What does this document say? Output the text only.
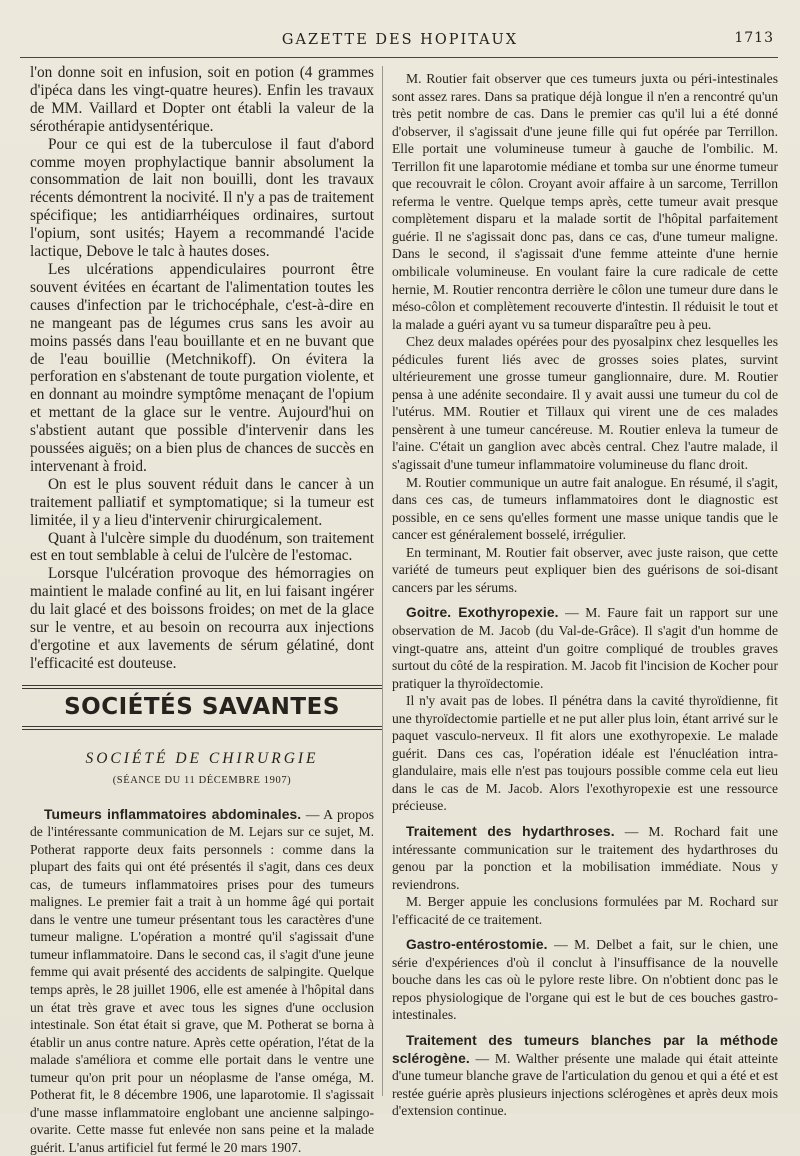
GAZETTE DES HOPITAUX	1713

l'on donne soit en infusion, soit en potion (4 grammes d'ipéca dans les vingt-quatre heures). Enfin les travaux de MM. Vaillard et Dopter ont établi la valeur de la sérothérapie antidysentérique.

Pour ce qui est de la tuberculose il faut d'abord comme moyen prophylactique bannir absolument la consommation de lait non bouilli, dont les travaux récents démontrent la nocivité. Il n'y a pas de traitement spécifique; les antidiarrhéiques ordinaires, surtout l'opium, sont usités; Hayem a recommandé l'acide lactique, Debove le talc à hautes doses.

Les ulcérations appendiculaires pourront être souvent évitées en écartant de l'alimentation toutes les causes d'infection par le trichocéphale, c'est-à-dire en ne mangeant pas de légumes crus sans les avoir au moins passés dans l'eau bouillante et en ne buvant que de l'eau bouillie (Metchnikoff). On évitera la perforation en s'abstenant de toute purgation violente, et en donnant au moindre symptôme menaçant de l'opium et mettant de la glace sur le ventre. Aujourd'hui on s'abstient autant que possible d'intervenir dans les poussées aiguës; on a bien plus de chances de succès en intervenant à froid.

On est le plus souvent réduit dans le cancer à un traitement palliatif et symptomatique; si la tumeur est limitée, il y a lieu d'intervenir chirurgicalement.

Quant à l'ulcère simple du duodénum, son traitement est en tout semblable à celui de l'ulcère de l'estomac.

Lorsque l'ulcération provoque des hémorragies on maintient le malade confiné au lit, en lui faisant ingérer du lait glacé et des boissons froides; on met de la glace sur le ventre, et au besoin on recourra aux injections d'ergotine et aux lavements de sérum gélatiné, dont l'efficacité est douteuse.

SOCIÉTÉS SAVANTES
SOCIÉTÉ DE CHIRURGIE
(SÉANCE DU 11 DÉCEMBRE 1907)

Tumeurs inflammatoires abdominales. — A propos de l'intéressante communication de M. Lejars sur ce sujet, M. Potherat rapporte deux faits personnels : comme dans la plupart des faits qui ont été présentés il s'agit, dans ces deux cas, de tumeurs inflammatoires prises pour des tumeurs malignes. Le premier fait a trait à un homme âgé qui portait dans le ventre une tumeur présentant tous les caractères d'une tumeur maligne. L'opération a montré qu'il s'agissait d'une tumeur inflammatoire. Dans le second cas, il s'agit d'une jeune femme qui avait présenté des accidents de salpingite. Quelque temps après, le 28 juillet 1906, elle est amenée à l'hôpital dans un état très grave et avec tous les signes d'une occlusion intestinale. Son état était si grave, que M. Potherat se borna à établir un anus contre nature. Après cette opération, l'état de la malade s'améliora et comme elle portait dans le ventre une tumeur qu'on prit pour un néoplasme de l'anse oméga, M. Potherat fit, le 8 décembre 1906, une laparotomie. Il s'agissait d'une masse inflammatoire englobant une ancienne salpingo-ovarite. Cette masse fut enlevée non sans peine et la malade guérit. L'anus artificiel fut fermé le 20 mars 1907.

M. Routier fait observer que ces tumeurs juxta ou péri-intestinales sont assez rares. Dans sa pratique déjà longue il n'en a rencontré qu'un très petit nombre de cas. Dans le premier cas qu'il lui a été donné d'observer, il s'agissait d'une jeune fille qui fut opérée par Terrillon. Elle portait une volumineuse tumeur à gauche de l'ombilic. M. Terrillon fit une laparotomie médiane et tomba sur une énorme tumeur que recouvrait le côlon. Croyant avoir affaire à un sarcome, Terrillon referma le ventre. Quelque temps après, cette tumeur avait presque complètement disparu et la malade sortit de l'hôpital parfaitement guérie. Il ne s'agissait donc pas, dans ce cas, d'une tumeur maligne. Dans le second, il s'agissait d'une femme atteinte d'une hernie ombilicale volumineuse. En voulant faire la cure radicale de cette hernie, M. Routier rencontra derrière le côlon une tumeur dure dans le méso-côlon et complètement recouverte d'intestin. Il réduisit le tout et la malade a guéri ayant vu sa tumeur disparaître peu à peu.

Chez deux malades opérées pour des pyosalpinx chez lesquelles les pédicules furent liés avec de grosses soies plates, survint ultérieurement une grosse tumeur ganglionnaire, dure. M. Routier pensa à une adénite secondaire. Il y avait aussi une tumeur du col de l'utérus. MM. Routier et Tillaux qui virent une de ces malades pensèrent à une tumeur cancéreuse. M. Routier enleva la tumeur de l'aine. C'était un ganglion avec abcès central. Chez l'autre malade, il s'agissait d'une tumeur inflammatoire volumineuse du flanc droit.

M. Routier communique un autre fait analogue. En résumé, il s'agit, dans ces cas, de tumeurs inflammatoires dont le diagnostic est possible, en ce sens qu'elles forment une masse unique tandis que le cancer est généralement bosselé, irrégulier.

En terminant, M. Routier fait observer, avec juste raison, que cette variété de tumeurs peut expliquer bien des guérisons de soi-disant cancers par les sérums.

Goitre. Exothyropexie. — M. Faure fait un rapport sur une observation de M. Jacob (du Val-de-Grâce). Il s'agit d'un homme de vingt-quatre ans, atteint d'un goitre compliqué de troubles graves surtout du côté de la respiration. M. Jacob fit l'incision de Kocher pour pratiquer la thyroïdectomie.

Il n'y avait pas de lobes. Il pénétra dans la cavité thyroïdienne, fit une thyroïdectomie partielle et ne put aller plus loin, étant arrivé sur le paquet vasculo-nerveux. Il fit alors une exothyropexie. Le malade guérit. Dans ces cas, l'opération idéale est l'énucléation intra-glandulaire, mais elle n'est pas toujours possible comme cela eut lieu dans le cas de M. Jacob. Alors l'exothyropexie est une ressource précieuse.

Traitement des hydarthroses. — M. Rochard fait une intéressante communication sur le traitement des hydarthroses du genou par la ponction et la mobilisation immédiate. Nous y reviendrons.

M. Berger appuie les conclusions formulées par M. Rochard sur l'efficacité de ce traitement.

Gastro-entérostomie. — M. Delbet a fait, sur le chien, une série d'expériences d'où il conclut à l'insuffisance de la nouvelle bouche dans les cas où le pylore reste libre. On n'obtient donc pas le repos physiologique de l'organe qui est le but de ces bouches gastro-intestinales.

Traitement des tumeurs blanches par la méthode sclérogène. — M. Walther présente une malade qui était atteinte d'une tumeur blanche grave de l'articulation du genou et qui a été et est restée guérie après plusieurs injections sclérogènes et après deux mois d'extension continue.
